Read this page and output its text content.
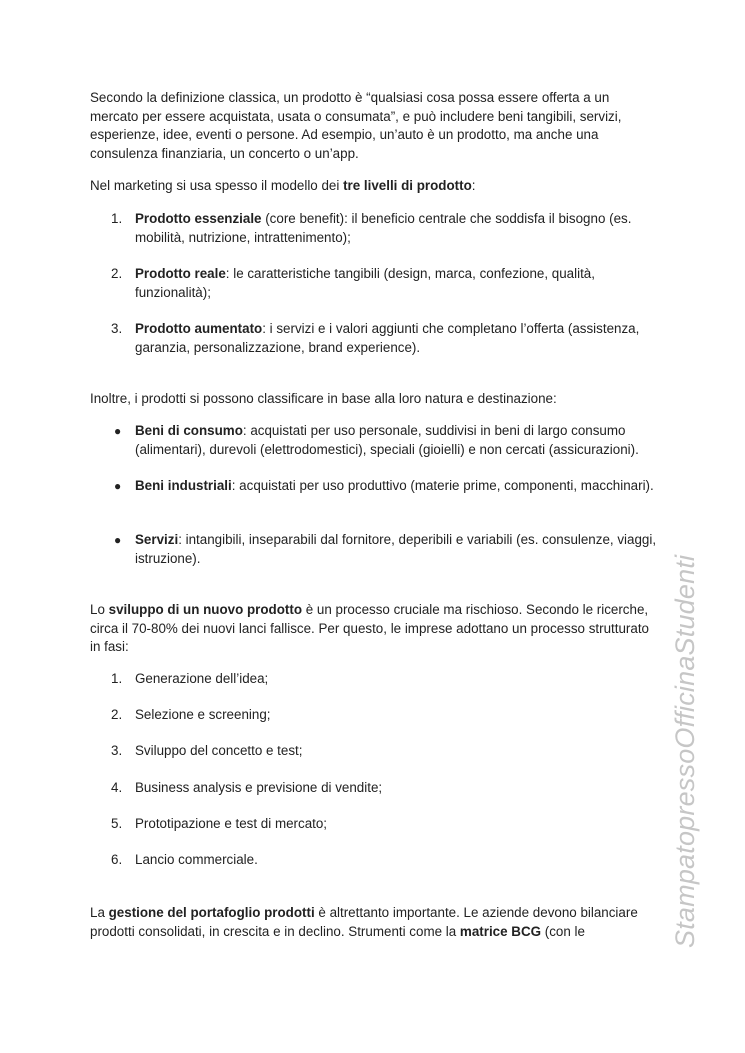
Secondo la definizione classica, un prodotto è “qualsiasi cosa possa essere offerta a un mercato per essere acquistata, usata o consumata”, e può includere beni tangibili, servizi, esperienze, idee, eventi o persone. Ad esempio, un’auto è un prodotto, ma anche una consulenza finanziaria, un concerto o un’app.

Nel marketing si usa spesso il modello dei tre livelli di prodotto:

1. Prodotto essenziale (core benefit): il beneficio centrale che soddisfa il bisogno (es. mobilità, nutrizione, intrattenimento);
2. Prodotto reale: le caratteristiche tangibili (design, marca, confezione, qualità, funzionalità);
3. Prodotto aumentato: i servizi e i valori aggiunti che completano l’offerta (assistenza, garanzia, personalizzazione, brand experience).

Inoltre, i prodotti si possono classificare in base alla loro natura e destinazione:

● Beni di consumo: acquistati per uso personale, suddivisi in beni di largo consumo (alimentari), durevoli (elettrodomestici), speciali (gioielli) e non cercati (assicurazioni).
● Beni industriali: acquistati per uso produttivo (materie prime, componenti, macchinari).
● Servizi: intangibili, inseparabili dal fornitore, deperibili e variabili (es. consulenze, viaggi, istruzione).

Lo sviluppo di un nuovo prodotto è un processo cruciale ma rischioso. Secondo le ricerche, circa il 70-80% dei nuovi lanci fallisce. Per questo, le imprese adottano un processo strutturato in fasi:

1. Generazione dell’idea;
2. Selezione e screening;
3. Sviluppo del concetto e test;
4. Business analysis e previsione di vendite;
5. Prototipazione e test di mercato;
6. Lancio commerciale.

La gestione del portafoglio prodotti è altrettanto importante. Le aziende devono bilanciare prodotti consolidati, in crescita e in declino. Strumenti come la matrice BCG (con le	StampatopressoOfficinaStudenti
